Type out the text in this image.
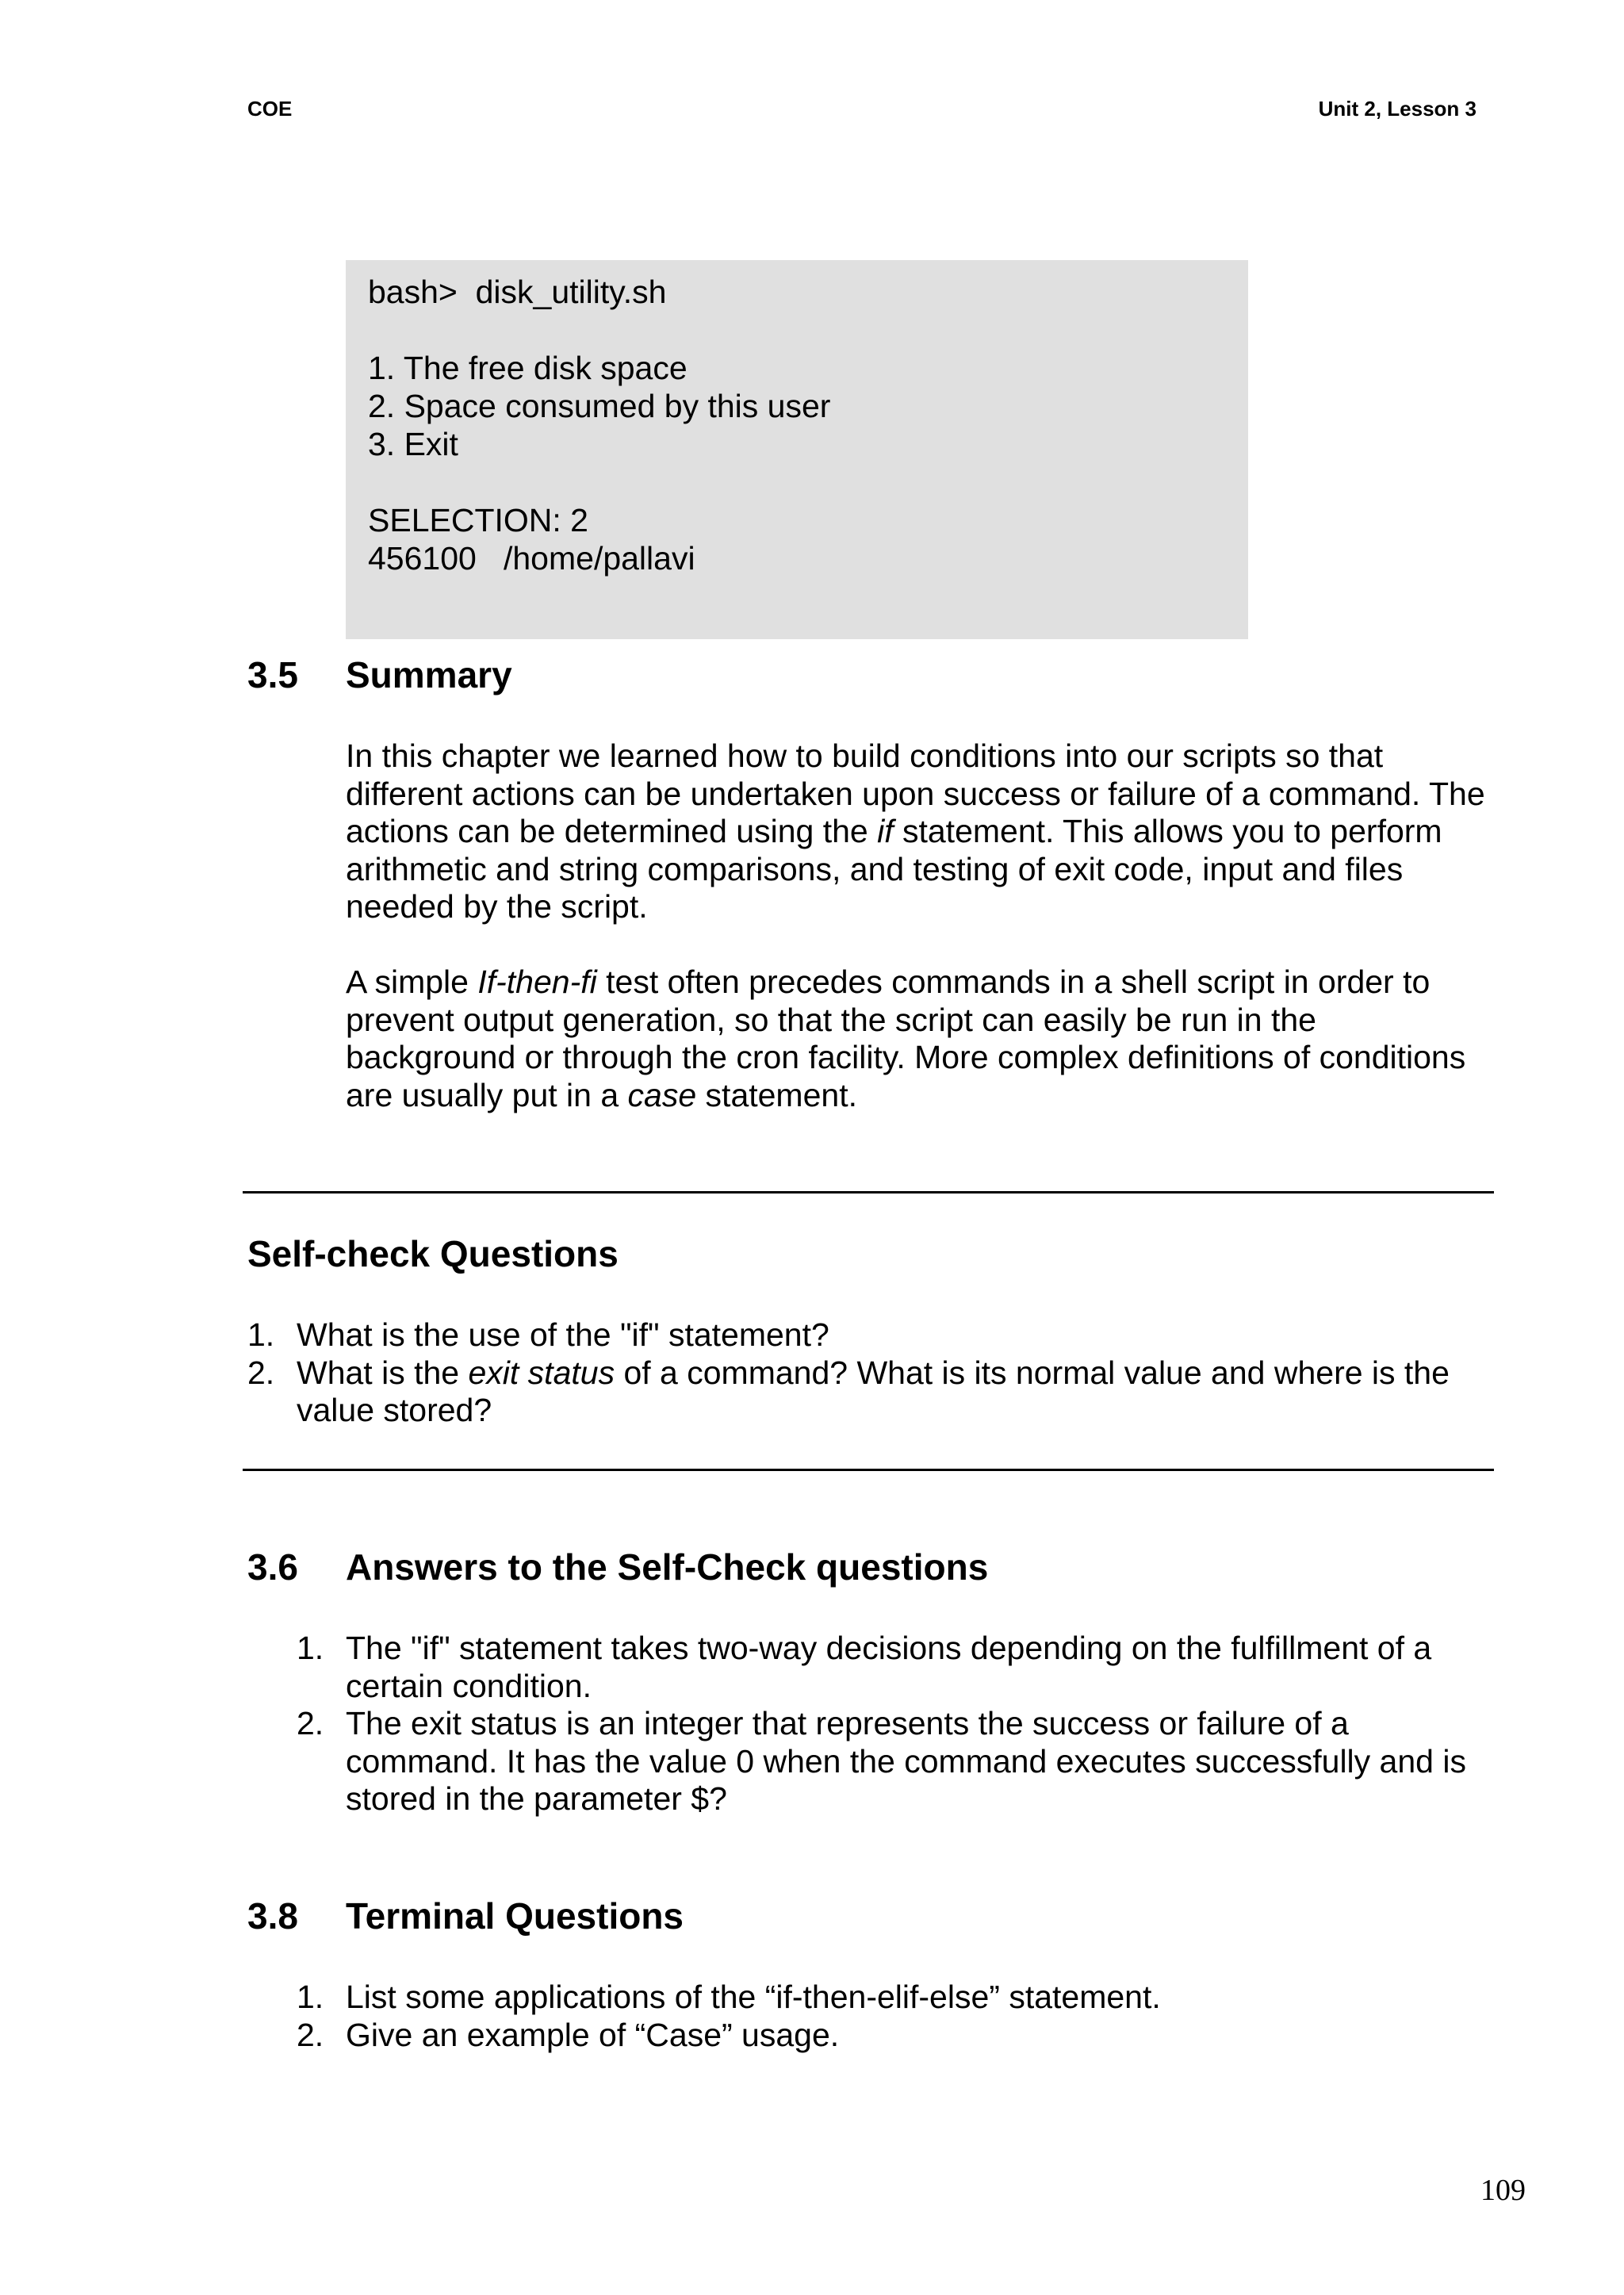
COE	Unit 2, Lesson 3
bash>  disk_utility.sh
1. The free disk space
2. Space consumed by this user
3. Exit
SELECTION: 2
456100   /home/pallavi
3.5 Summary

In this chapter we learned how to build conditions into our scripts so that different actions can be undertaken upon success or failure of a command. The actions can be determined using the if statement. This allows you to perform arithmetic and string comparisons, and testing of exit code, input and files needed by the script.

A simple If-then-fi test often precedes commands in a shell script in order to prevent output generation, so that the script can easily be run in the background or through the cron facility. More complex definitions of conditions are usually put in a case statement.

Self-check Questions
1. What is the use of the "if" statement?
2. What is the exit status of a command? What is its normal value and where is the value stored?
3.6 Answers to the Self-Check questions
1. The "if" statement takes two-way decisions depending on the fulfillment of a certain condition.
2. The exit status is an integer that represents the success or failure of a command. It has the value 0 when the command executes successfully and is stored in the parameter $?
3.8 Terminal Questions
1. List some applications of the “if-then-elif-else” statement.
2. Give an example of “Case” usage.
109
